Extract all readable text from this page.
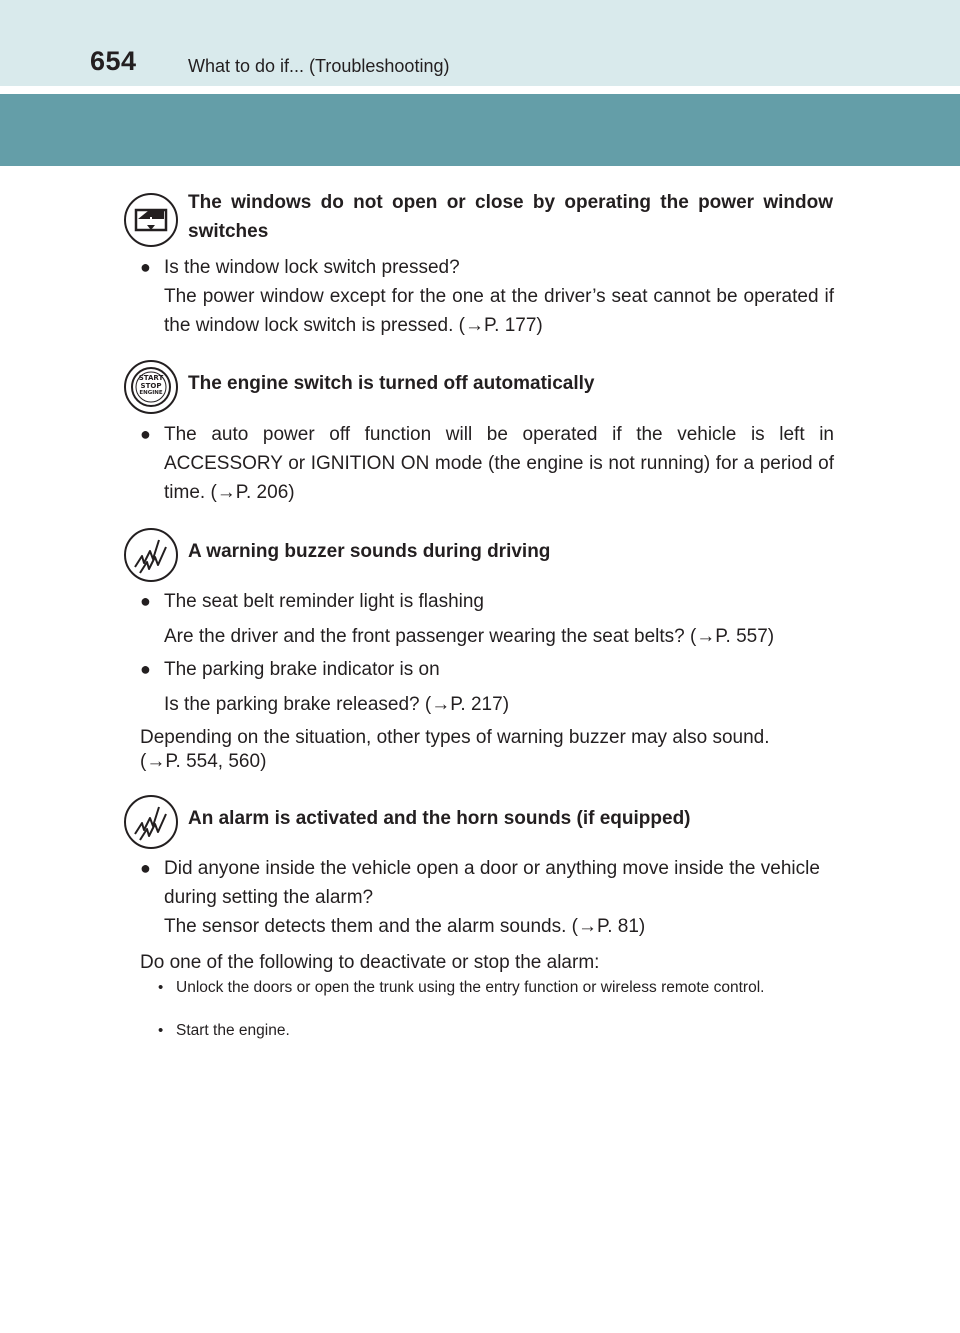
654	What to do if... (Troubleshooting)
The windows do not open or close by operating the power window switches
● Is the window lock switch pressed?
The power window except for the one at the driver’s seat cannot be operated if the window lock switch is pressed. (→P. 177)
START
STOP
ENGINE	The engine switch is turned off automatically
● The auto power off function will be operated if the vehicle is left in ACCESSORY or IGNITION ON mode (the engine is not running) for a period of time. (→P. 206)
A warning buzzer sounds during driving
● The seat belt reminder light is flashing
Are the driver and the front passenger wearing the seat belts? (→P. 557)
● The parking brake indicator is on
Is the parking brake released? (→P. 217)
Depending on the situation, other types of warning buzzer may also sound. (→P. 554, 560)
An alarm is activated and the horn sounds (if equipped)
● Did anyone inside the vehicle open a door or anything move inside the vehicle during setting the alarm?
The sensor detects them and the alarm sounds. (→P. 81)
Do one of the following to deactivate or stop the alarm:
• Unlock the doors or open the trunk using the entry function or wireless remote control.
• Start the engine.
